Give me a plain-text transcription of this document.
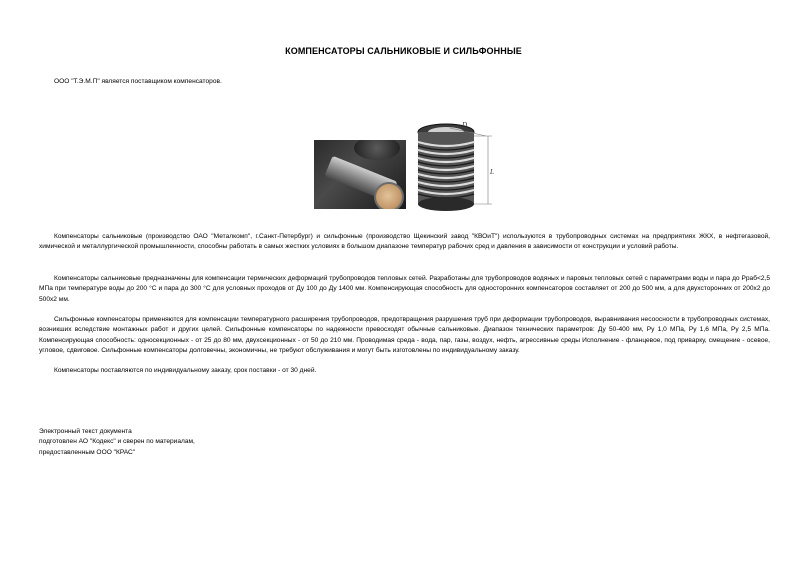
КОМПЕНСАТОРЫ САЛЬНИКОВЫЕ И СИЛЬФОННЫЕ
ООО "Т.Э.М.П" является поставщиком компенсаторов.
D
L
Компенсаторы сальниковые (производство ОАО "Металкомп", г.Санкт-Петербург) и сильфонные (производство Щекинский завод "КВОиТ") используются в трубопроводных системах на предприятиях ЖКХ, в нефтегазовой, химической и металлургической промышленности, способны работать в самых жестких условиях в большом диапазоне температур рабочих сред и давления в зависимости от конструкции и условий работы.
Компенсаторы сальниковые предназначены для компенсации термических деформаций трубопроводов тепловых сетей. Разработаны для трубопроводов водяных и паровых тепловых сетей с параметрами воды и пара до Рраб<2,5 МПа при температуре воды до 200 °С и пара до 300 °С для условных проходов от Ду 100 до Ду 1400 мм. Компенсирующая способность для односторонних компенсаторов составляет от 200 до 500 мм, а для двухсторонних от 200х2 до 500х2 мм.
Сильфонные компенсаторы применяются для компенсации температурного расширения трубопроводов, предотвращения разрушения труб при деформации трубопроводов, выравнивания несоосности в трубопроводных системах, возникших вследствие монтажных работ и других целей. Сильфонные компенсаторы по надежности превосходят обычные сальниковые. Диапазон технических параметров: Ду 50-400 мм, Ру 1,0 МПа, Ру 1,6 МПа, Ру 2,5 МПа. Компенсирующая способность: односекционных - от 25 до 80 мм, двухсекционных - от 50 до 210 мм. Проводимая среда - вода, пар, газы, воздух, нефть, агрессивные среды Исполнение - фланцевое, под приварку, смещение - осевое, угловое, сдвиговое. Сильфонные компенсаторы долговечны, экономичны, не требуют обслуживания и могут быть изготовлены по индивидуальному заказу.
Компенсаторы поставляются по индивидуальному заказу, срок поставки - от 30 дней.
Электронный текст документа
подготовлен АО "Кодекс" и сверен по материалам,
предоставленным ООО "КРАС"
